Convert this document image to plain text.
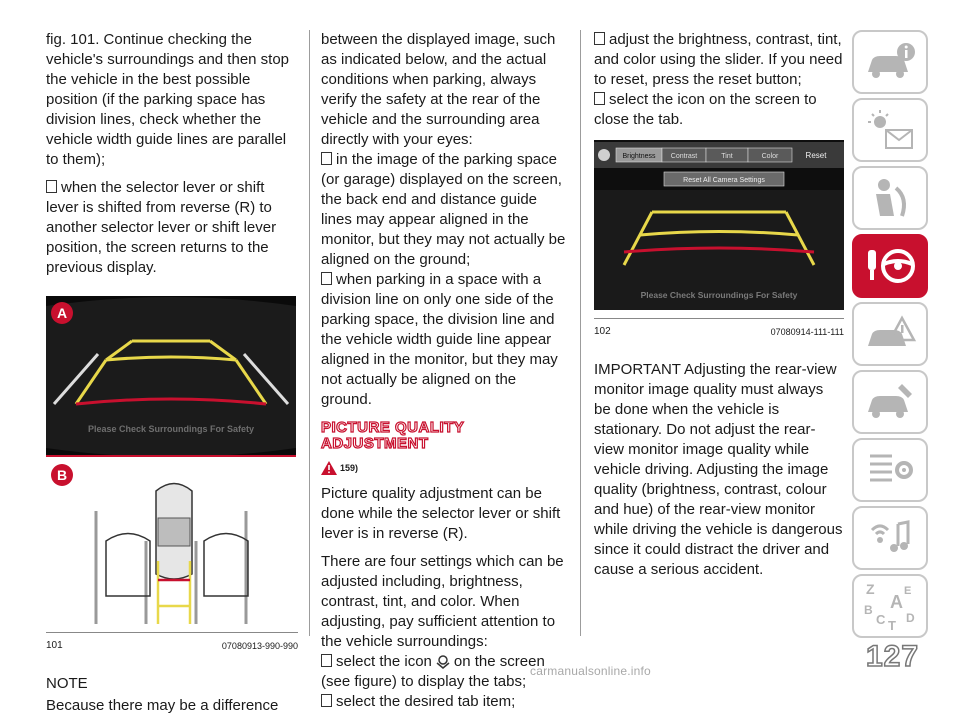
fig. 101. Continue checking the vehicle's surroundings and then stop the vehicle in the best possible position (if the parking space has division lines, check whether the vehicle width guide lines are parallel to them);

when the selector lever or shift lever is shifted from reverse (R) to another selector lever or shift lever position, the screen returns to the previous display.

A
Please Check Surroundings For Safety
B
101	07080913-990-990

NOTE

Because there may be a difference

between the displayed image, such as indicated below, and the actual conditions when parking, always verify the safety at the rear of the vehicle and the surrounding area directly with your eyes:

in the image of the parking space (or garage) displayed on the screen, the back end and distance guide lines may appear aligned in the monitor, but they may not actually be aligned on the ground;

when parking in a space with a division line on only one side of the parking space, the division line and the vehicle width guide line appear aligned in the monitor, but they may not actually be aligned on the ground.

PICTURE QUALITY
ADJUSTMENT
159)

Picture quality adjustment can be done while the selector lever or shift lever is in reverse (R).

There are four settings which can be adjusted including, brightness, contrast, tint, and color. When adjusting, pay sufficient attention to the vehicle surroundings:

select the icon on the screen (see figure) to display the tabs;

select the desired tab item;

adjust the brightness, contrast, tint, and color using the slider. If you need to reset, press the reset button;

select the icon on the screen to close the tab.

Brightness Contrast	Tint	Color	Reset
Reset All Camera Settings
Please Check Surroundings For Safety
102	07080914-111-111

IMPORTANT Adjusting the rear-view monitor image quality must always be done when the vehicle is stationary. Do not adjust the rear-view monitor image quality while vehicle driving. Adjusting the image quality (brightness, contrast, colour and hue) of the rear-view monitor while driving the vehicle is dangerous since it could distract the driver and cause a serious accident.

Z	E
A
B
C T D
127
carmanualsonline.info
